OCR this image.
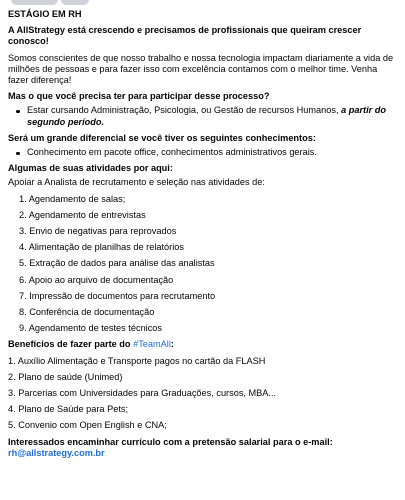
ESTÁGIO EM RH
A AllStrategy está crescendo e precisamos de profissionais que queiram crescer conosco!
Somos conscientes de que nosso trabalho e nossa tecnologia impactam diariamente a vida de milhões de pessoas e para fazer isso com excelência contamos com o melhor time. Venha fazer diferença!
Mas o que você precisa ter para participar desse processo?
Estar cursando Administração, Psicologia, ou Gestão de recursos Humanos, a partir do segundo período.
Será um grande diferencial se você tiver os seguintes conhecimentos:
Conhecimento em pacote office, conhecimentos administrativos gerais.
Algumas de suas atividades por aqui:
Apoiar a Analista de recrutamento e seleção nas atividades de:
1. Agendamento de salas;
2. Agendamento de entrevistas
3. Envio de negativas para reprovados
4. Alimentação de planilhas de relatórios
5. Extração de dados para análise das analistas
6. Apoio ao arquivo de documentação
7. Impressão de documentos para recrutamento
8. Conferência de documentação
9. Agendamento de testes técnicos
Benefícios de fazer parte do #TeamAll:
1. Auxílio Alimentação e Transporte pagos no cartão da FLASH
2. Plano de saúde (Unimed)
3. Parcerias com Universidades para Graduações, cursos, MBA...
4. Plano de Saúde para Pets;
5. Convenio com Open English e CNA;
Interessados encaminhar currículo com a pretensão salarial para o e-mail:
rh@allstrategy.com.br
